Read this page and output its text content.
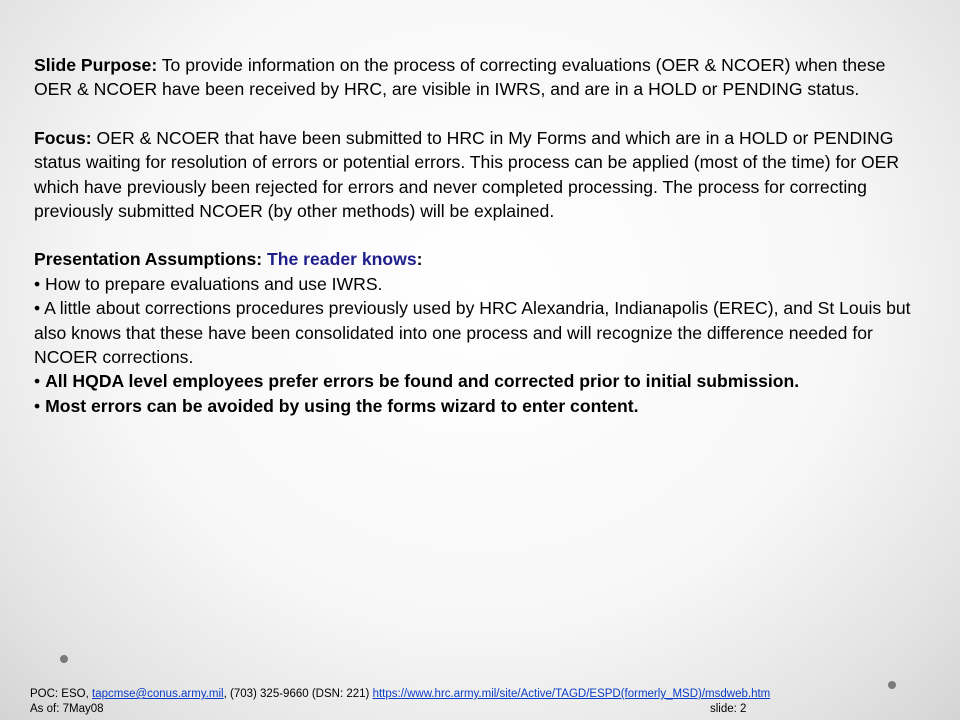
Slide Purpose: To provide information on the process of correcting evaluations (OER & NCOER) when these OER & NCOER have been received by HRC, are visible in IWRS, and are in a HOLD or PENDING status.

Focus: OER & NCOER that have been submitted to HRC in My Forms and which are in a HOLD or PENDING status waiting for resolution of errors or potential errors. This process can be applied (most of the time) for OER which have previously been rejected for errors and never completed processing. The process for correcting previously submitted NCOER (by other methods) will be explained.

Presentation Assumptions: The reader knows:

• How to prepare evaluations and use IWRS.

• A little about corrections procedures previously used by HRC Alexandria, Indianapolis (EREC), and St Louis but also knows that these have been consolidated into one process and will recognize the difference needed for NCOER corrections.

• All HQDA level employees prefer errors be found and corrected prior to initial submission.

• Most errors can be avoided by using the forms wizard to enter content.

POC: ESO, tapcmse@conus.army.mil, (703) 325-9660 (DSN: 221) https://www.hrc.army.mil/site/Active/TAGD/ESPD(formerly_MSD)/msdweb.htm
As of: 7May08	slide: 2
